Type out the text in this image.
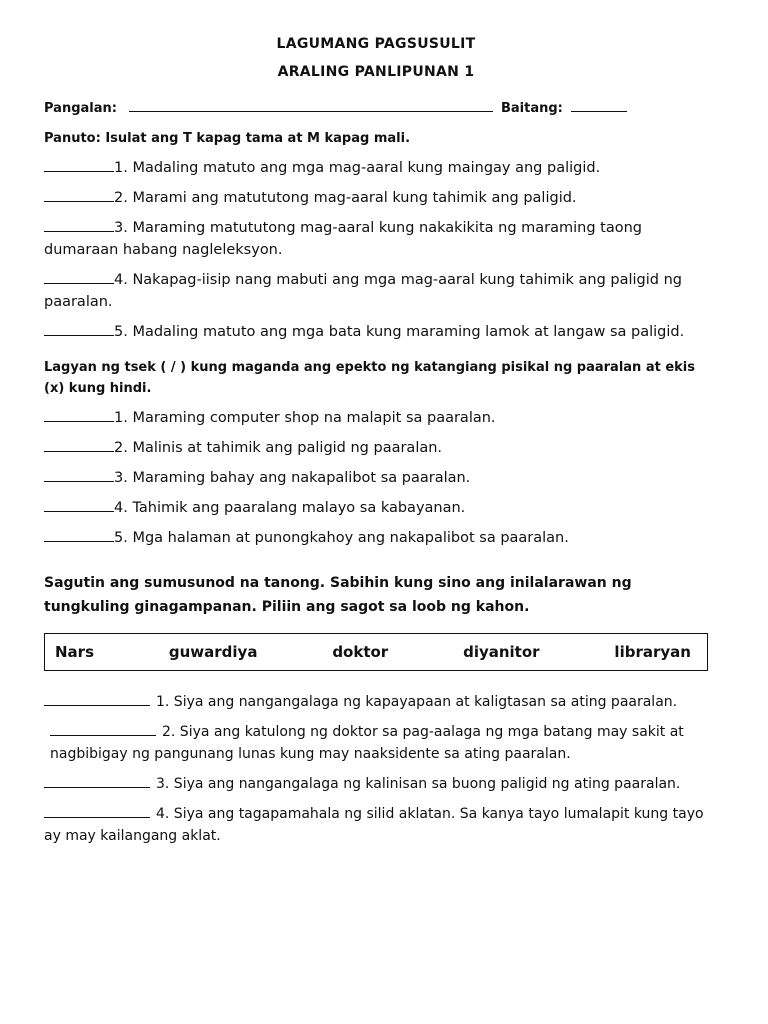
LAGUMANG PAGSUSULIT

ARALING PANLIPUNAN 1

Pangalan:	Baitang:

Panuto: Isulat ang T kapag tama at M kapag mali.

1. Madaling matuto ang mga mag-aaral kung maingay ang paligid.

2. Marami ang matututong mag-aaral kung tahimik ang paligid.

3. Maraming matututong mag-aaral kung nakakikita ng maraming taong dumaraan habang nagleleksyon.

4. Nakapag-iisip nang mabuti ang mga mag-aaral kung tahimik ang paligid ng paaralan.

5. Madaling matuto ang mga bata kung maraming lamok at langaw sa paligid.

Lagyan ng tsek ( / ) kung maganda ang epekto ng katangiang pisikal ng paaralan at ekis (x) kung hindi.

1. Maraming computer shop na malapit sa paaralan.

2. Malinis at tahimik ang paligid ng paaralan.

3. Maraming bahay ang nakapalibot sa paaralan.

4. Tahimik ang paaralang malayo sa kabayanan.

5. Mga halaman at punongkahoy ang nakapalibot sa paaralan.

Sagutin ang sumusunod na tanong. Sabihin kung sino ang inilalarawan ng tungkuling ginagampanan. Piliin ang sagot sa loob ng kahon.

Nars	guwardiya	doktor	diyanitor	libraryan

1. Siya ang nangangalaga ng kapayapaan at kaligtasan sa ating paaralan.

2. Siya ang katulong ng doktor sa pag-aalaga ng mga batang may sakit at nagbibigay ng pangunang lunas kung may naaksidente sa ating paaralan.

3. Siya ang nangangalaga ng kalinisan sa buong paligid ng ating paaralan.

4. Siya ang tagapamahala ng silid aklatan. Sa kanya tayo lumalapit kung tayo ay may kailangang aklat.
